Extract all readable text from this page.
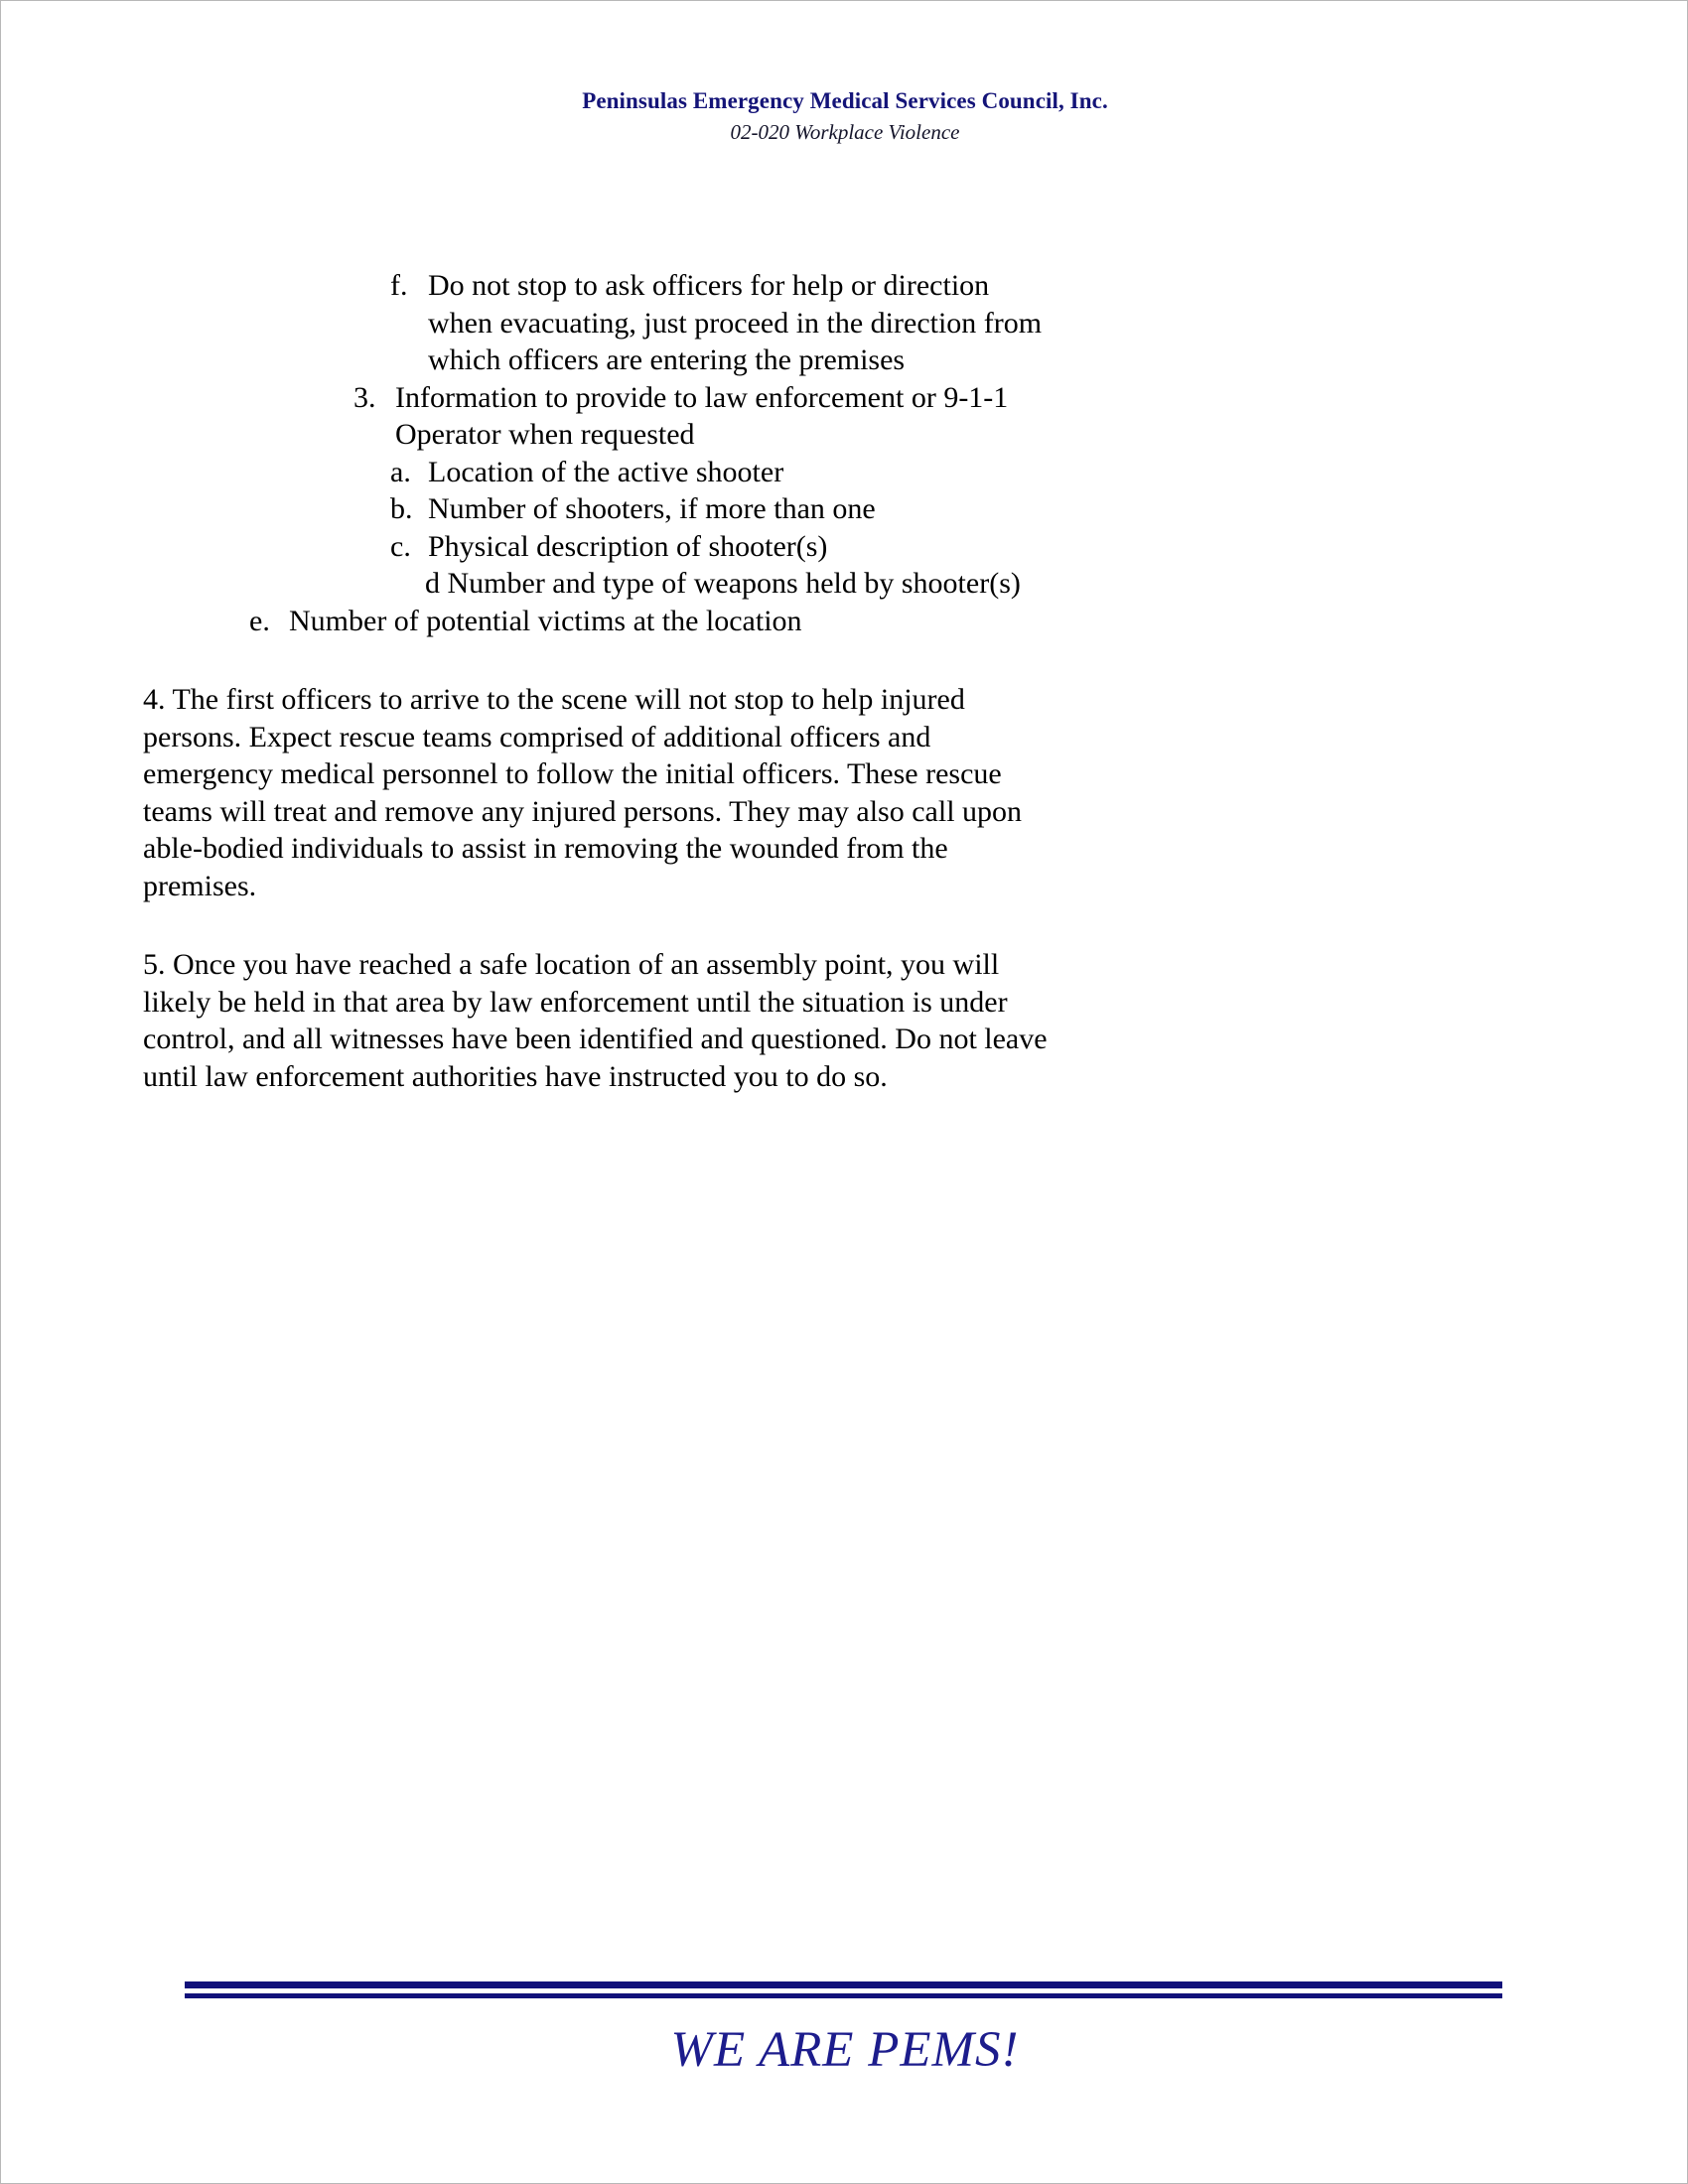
Peninsulas Emergency Medical Services Council, Inc.
02-020 Workplace Violence
f. Do not stop to ask officers for help or direction when evacuating, just proceed in the direction from which officers are entering the premises
3. Information to provide to law enforcement or 9-1-1 Operator when requested
a. Location of the active shooter
b. Number of shooters, if more than one
c. Physical description of shooter(s)
d Number and type of weapons held by shooter(s)
e. Number of potential victims at the location

4. The first officers to arrive to the scene will not stop to help injured persons. Expect rescue teams comprised of additional officers and emergency medical personnel to follow the initial officers. These rescue teams will treat and remove any injured persons. They may also call upon able-bodied individuals to assist in removing the wounded from the premises.

5. Once you have reached a safe location of an assembly point, you will likely be held in that area by law enforcement until the situation is under control, and all witnesses have been identified and questioned. Do not leave until law enforcement authorities have instructed you to do so.

WE ARE PEMS!
